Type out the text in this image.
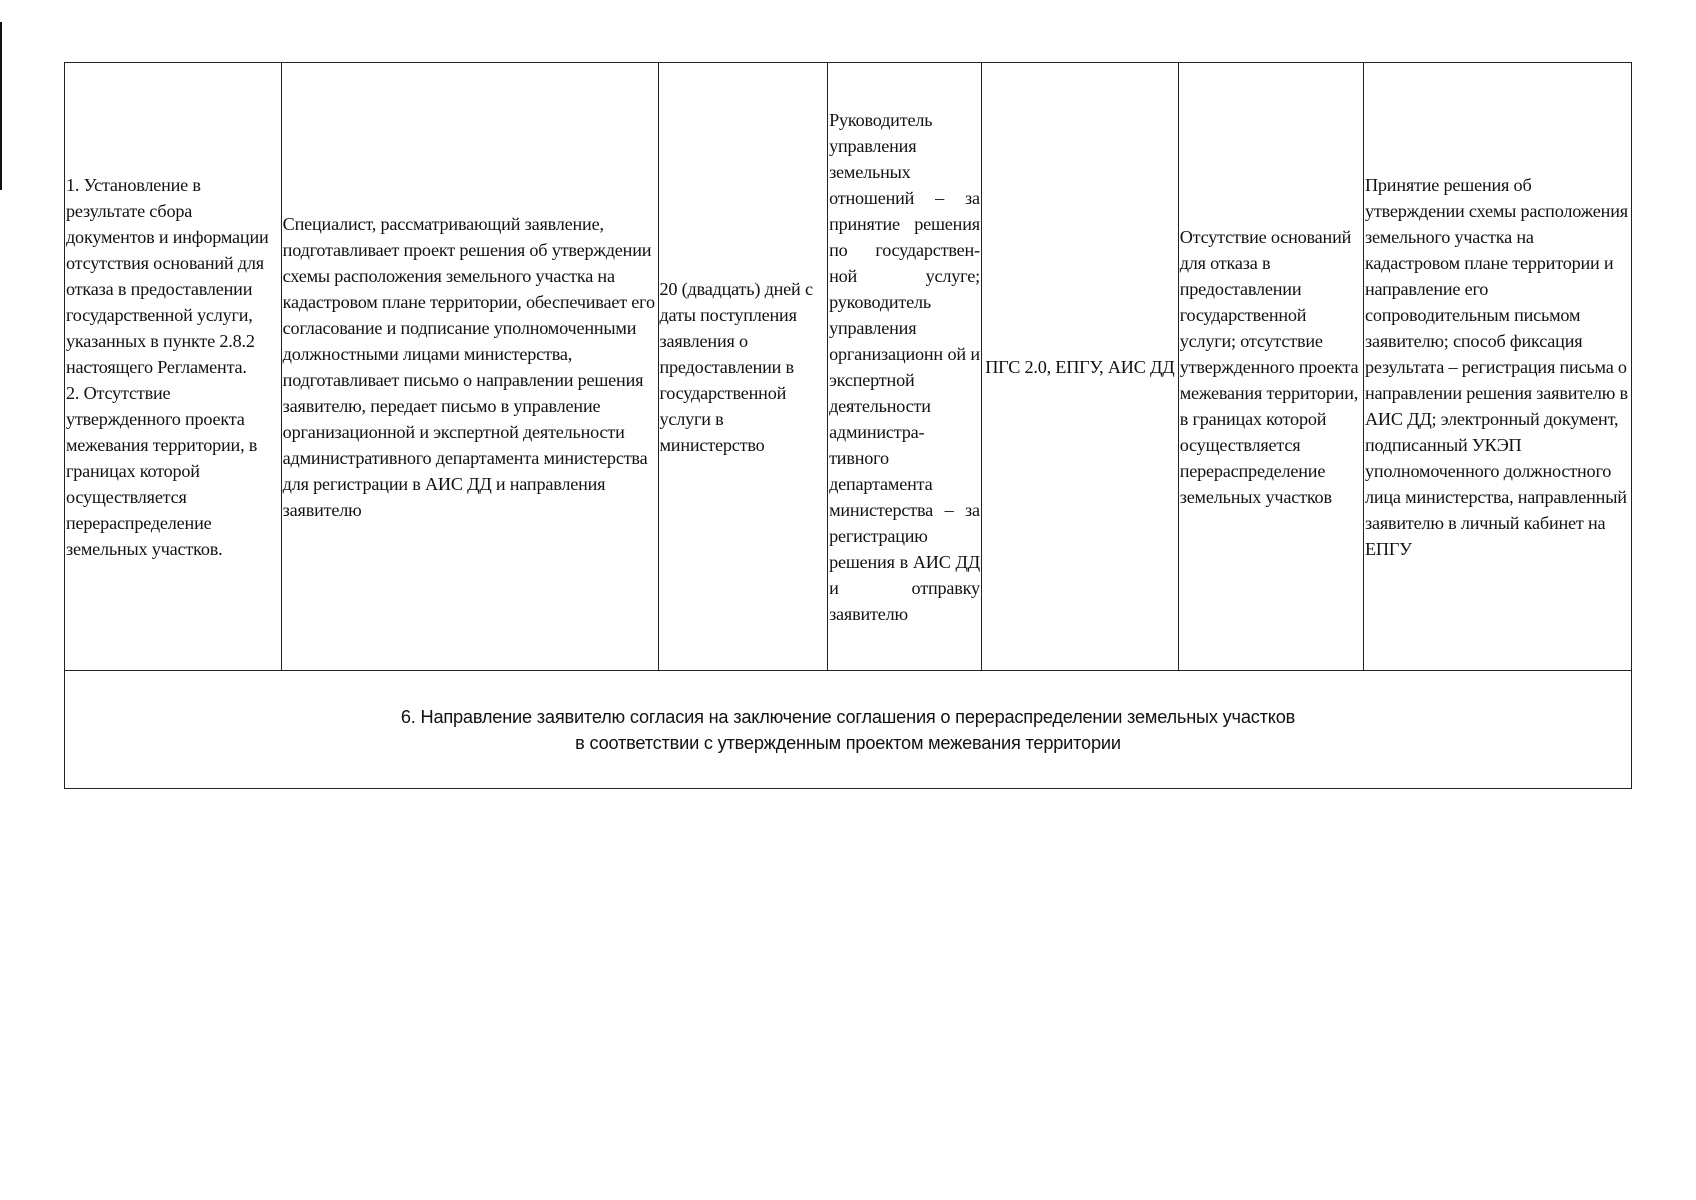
1. Установление в результате сбора документов и информации отсутствия оснований для отказа в предоставлении государственной услуги, указанных в пункте 2.8.2 настоящего Регламента.
2. Отсутствие утвержденного проекта межевания территории, в границах которой осуществляется перераспределение земельных участков.	Специалист, рассматривающий заявление, подготавливает проект решения об утверждении схемы расположения земельного участка на кадастровом плане территории, обеспечивает его согласование и подписание уполномоченными должностными лицами министерства, подготавливает письмо о направлении решения заявителю, передает письмо в управление организационной и экспертной деятельности административного департамента министерства для регистрации в АИС ДД и направления заявителю	20 (двадцать) дней с даты поступления заявления о предоставлении в государственной услуги в министерство	Руководитель управления земельных отношений – за принятие решения по государствен-ной услуге; руководитель управления организационн ой и экспертной деятельности администра-тивного департамента министерства – за регистрацию решения в АИС ДД и отправку заявителю	ПГС 2.0, ЕПГУ, АИС ДД	Отсутствие оснований для отказа в предоставлении государственной услуги; отсутствие утвержденного проекта межевания территории, в границах которой осуществляется перераспределение земельных участков	Принятие решения об утверждении схемы расположения земельного участка на кадастровом плане территории и направление его сопроводительным письмом заявителю; способ фиксация результата – регистрация письма о направлении решения заявителю в АИС ДД; электронный документ, подписанный УКЭП уполномоченного должностного лица министерства, направленный заявителю в личный кабинет на ЕПГУ

6. Направление заявителю согласия на заключение соглашения о перераспределении земельных участков
в соответствии с утвержденным проектом межевания территории
